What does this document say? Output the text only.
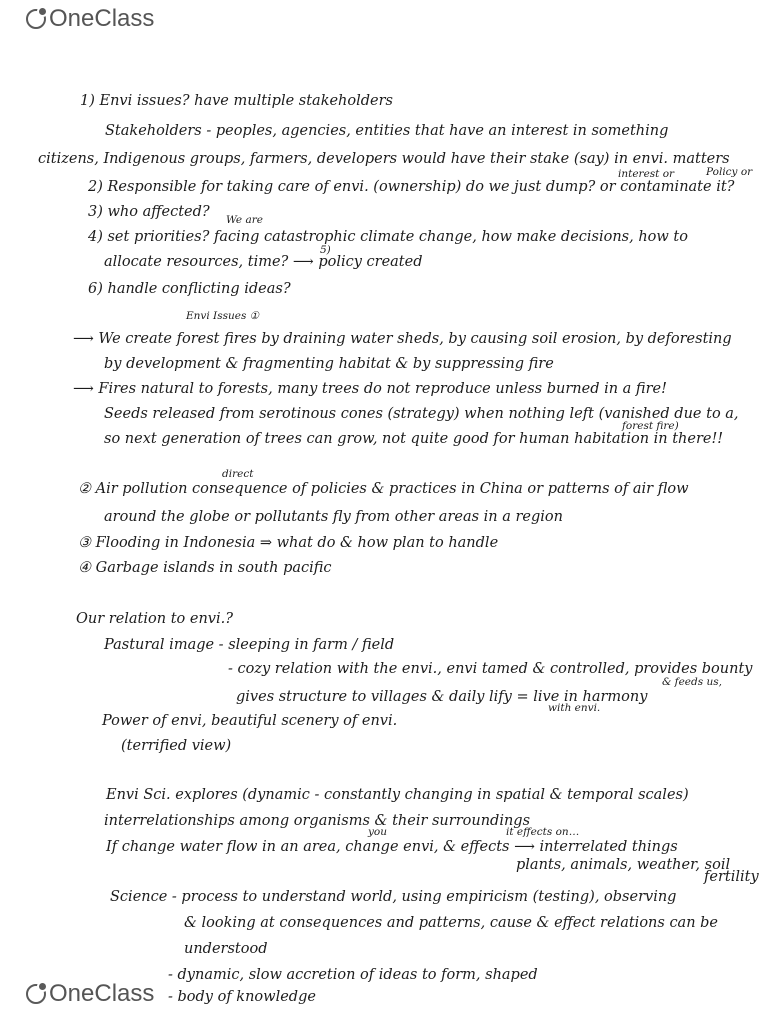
OneClass
1) Envi issues? have multiple stakeholders
Stakeholders - peoples, agencies, entities that have an interest in something
citizens, Indigenous groups, farmers, developers would have their stake (say) in envi. matters
2) Responsible for taking care of envi. (ownership) do we just dump? or contaminate it?
3) who affected?
4) set priorities? facing catastrophic climate change, how make decisions, how to
allocate resources, time? ⟶ policy created
6) handle conflicting ideas?
⟶ We create forest fires by draining water sheds, by causing soil erosion, by deforesting
by development & fragmenting habitat & by suppressing fire
⟶ Fires natural to forests, many trees do not reproduce unless burned in a fire!
Seeds released from serotinous cones (strategy) when nothing left (vanished due to a,
so next generation of trees can grow, not quite good for human habitation in there!!
② Air pollution consequence of policies & practices in China or patterns of air flow
around the globe or pollutants fly from other areas in a region
③ Flooding in Indonesia ⇒ what do & how plan to handle
④ Garbage islands in south pacific
Our relation to envi.?
Pastural image - sleeping in farm / field
- cozy relation with the envi., envi tamed & controlled, provides bounty
gives structure to villages & daily lify = live in harmony
Power of envi, beautiful scenery of envi.
(terrified view)
Envi Sci. explores (dynamic - constantly changing in spatial & temporal scales)
interrelationships among organisms & their surroundings
If change water flow in an area, change envi, & effects ⟶ interrelated things
plants, animals, weather, soil
fertility
Science - process to understand world, using empiricism (testing), observing
& looking at consequences and patterns, cause & effect relations can be
understood
- dynamic, slow accretion of ideas to form, shaped
- body of knowledge
interest or	Policy or
We are
5)
Envi Issues ①
forest fire)
direct
& feeds us,
with envi.
you	it effects on…
OneClass
